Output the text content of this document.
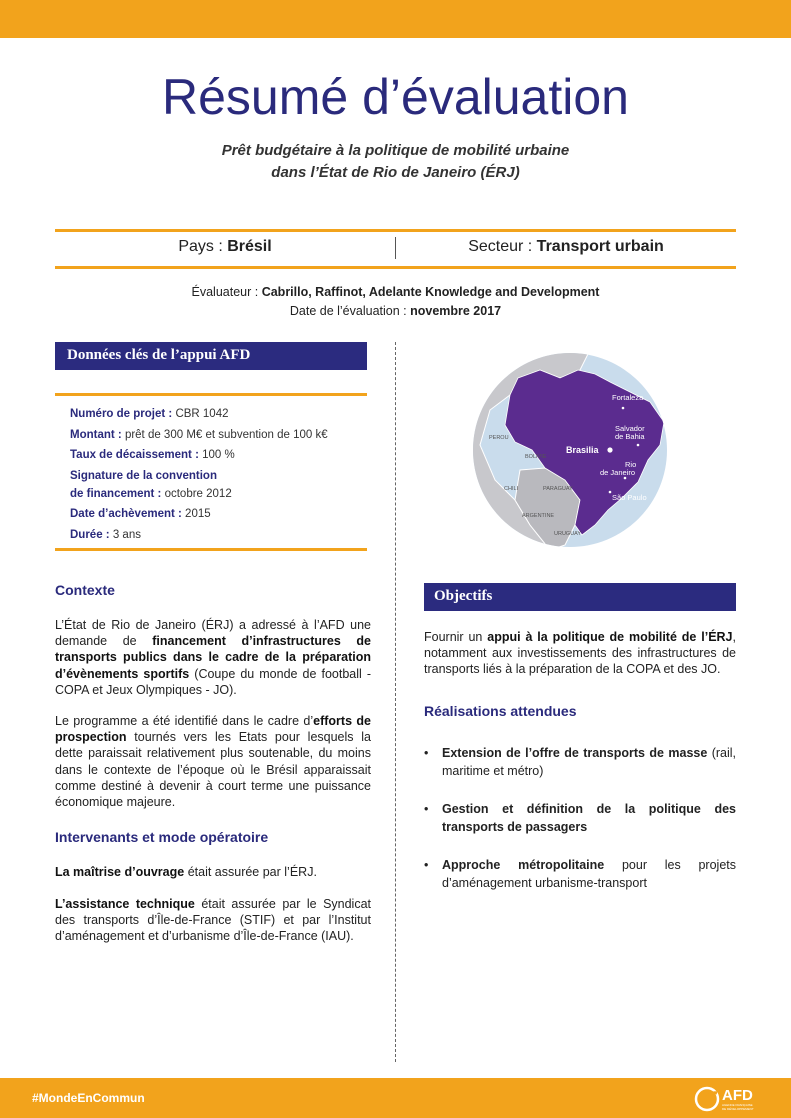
Résumé d’évaluation
Prêt budgétaire à la politique de mobilité urbaine
dans l’État de Rio de Janeiro (ÉRJ)
Pays : Brésil	Secteur : Transport urbain
Évaluateur : Cabrillo, Raffinot, Adelante Knowledge and Development
Date de l’évaluation : novembre 2017
Données clés de l’appui AFD
Numéro de projet : CBR 1042
Montant : prêt de 300 M€ et subvention de 100 k€
Taux de décaissement : 100 %
Signature de la convention
de financement : octobre 2012
Date d’achèvement : 2015
Durée : 3 ans
Fortaleza
Salvador
de Bahia
Brasilia
Rio
de Janeiro
São Paulo
PEROU
BOLIVIE
CHILI	PARAGUAY
ARGENTINE
URUGUAY
Contexte
L’État de Rio de Janeiro (ÉRJ) a adressé à l’AFD une demande de financement d’infrastructures de transports publics dans le cadre de la préparation d’évènements sportifs (Coupe du monde de football - COPA et Jeux Olympiques - JO).
Le programme a été identifié dans le cadre d’efforts de prospection tournés vers les Etats pour lesquels la dette paraissait relativement plus soutenable, du moins dans le contexte de l’époque où le Brésil apparaissait comme destiné à devenir à court terme une puissance économique majeure.
Intervenants et mode opératoire
La maîtrise d’ouvrage était assurée par l’ÉRJ.
L’assistance technique était assurée par le Syndicat des transports d’Île-de-France (STIF) et par l’Institut d’aménagement et d’urbanisme d’Île-de-France (IAU).
Objectifs
Fournir un appui à la politique de mobilité de l’ÉRJ, notamment aux investissements des infrastructures de transports liés à la préparation de la COPA et des JO.
Réalisations attendues
• Extension de l’offre de transports de masse (rail, maritime et métro)
• Gestion et définition de la politique des transports de passagers
• Approche métropolitaine pour les projets d’aménagement urbanisme-transport
#MondeEnCommun	AFD
AGENCE FRANÇAISE
DE DÉVELOPPEMENT
